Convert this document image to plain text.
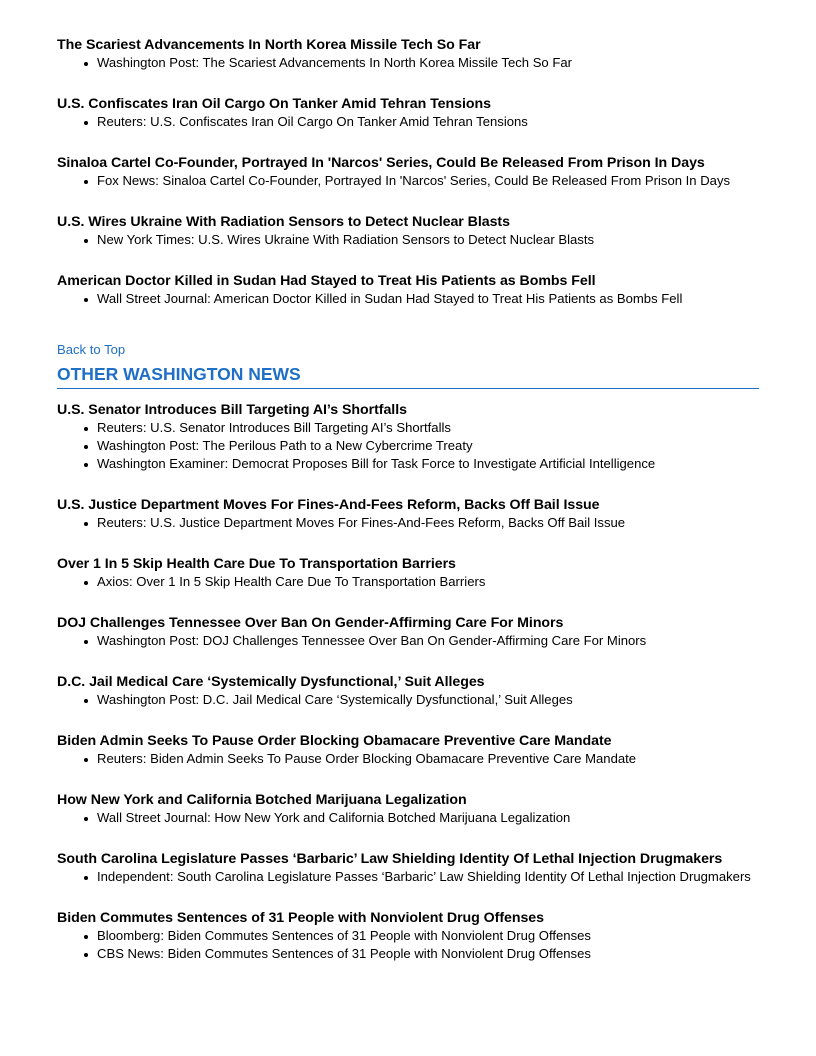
The Scariest Advancements In North Korea Missile Tech So Far

Washington Post: The Scariest Advancements In North Korea Missile Tech So Far

U.S. Confiscates Iran Oil Cargo On Tanker Amid Tehran Tensions

Reuters: U.S. Confiscates Iran Oil Cargo On Tanker Amid Tehran Tensions

Sinaloa Cartel Co-Founder, Portrayed In 'Narcos' Series, Could Be Released From Prison In Days

Fox News: Sinaloa Cartel Co-Founder, Portrayed In 'Narcos' Series, Could Be Released From Prison In Days

U.S. Wires Ukraine With Radiation Sensors to Detect Nuclear Blasts

New York Times: U.S. Wires Ukraine With Radiation Sensors to Detect Nuclear Blasts

American Doctor Killed in Sudan Had Stayed to Treat His Patients as Bombs Fell

Wall Street Journal: American Doctor Killed in Sudan Had Stayed to Treat His Patients as Bombs Fell
Back to Top
OTHER WASHINGTON NEWS

U.S. Senator Introduces Bill Targeting AI’s Shortfalls

Reuters: U.S. Senator Introduces Bill Targeting AI’s Shortfalls
Washington Post: The Perilous Path to a New Cybercrime Treaty
Washington Examiner: Democrat Proposes Bill for Task Force to Investigate Artificial Intelligence

U.S. Justice Department Moves For Fines-And-Fees Reform, Backs Off Bail Issue

Reuters: U.S. Justice Department Moves For Fines-And-Fees Reform, Backs Off Bail Issue

Over 1 In 5 Skip Health Care Due To Transportation Barriers

Axios: Over 1 In 5 Skip Health Care Due To Transportation Barriers

DOJ Challenges Tennessee Over Ban On Gender-Affirming Care For Minors

Washington Post: DOJ Challenges Tennessee Over Ban On Gender-Affirming Care For Minors

D.C. Jail Medical Care ‘Systemically Dysfunctional,’ Suit Alleges

Washington Post: D.C. Jail Medical Care ‘Systemically Dysfunctional,’ Suit Alleges

Biden Admin Seeks To Pause Order Blocking Obamacare Preventive Care Mandate

Reuters: Biden Admin Seeks To Pause Order Blocking Obamacare Preventive Care Mandate

How New York and California Botched Marijuana Legalization

Wall Street Journal: How New York and California Botched Marijuana Legalization

South Carolina Legislature Passes ‘Barbaric’ Law Shielding Identity Of Lethal Injection Drugmakers

Independent: South Carolina Legislature Passes ‘Barbaric’ Law Shielding Identity Of Lethal Injection Drugmakers

Biden Commutes Sentences of 31 People with Nonviolent Drug Offenses

Bloomberg: Biden Commutes Sentences of 31 People with Nonviolent Drug Offenses
CBS News: Biden Commutes Sentences of 31 People with Nonviolent Drug Offenses
